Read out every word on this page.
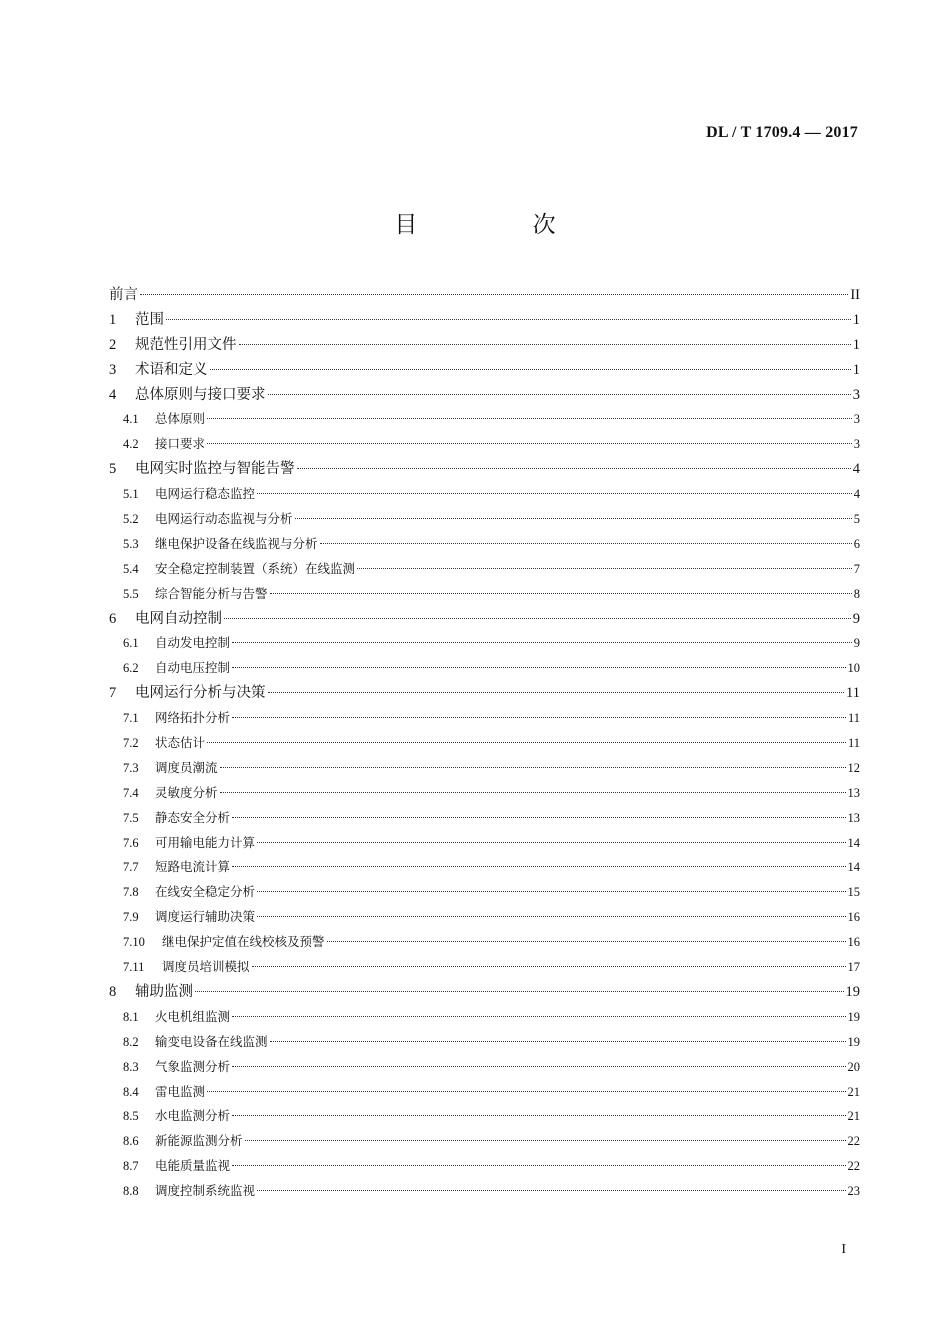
DL / T 1709.4 — 2017
目 次
前言	II
1	范围	1
2	规范性引用文件	1
3	术语和定义	1
4	总体原则与接口要求	3
4.1	总体原则	3
4.2	接口要求	3
5	电网实时监控与智能告警	4
5.1	电网运行稳态监控	4
5.2	电网运行动态监视与分析	5
5.3	继电保护设备在线监视与分析	6
5.4	安全稳定控制装置（系统）在线监测	7
5.5	综合智能分析与告警	8
6	电网自动控制	9
6.1	自动发电控制	9
6.2	自动电压控制	10
7	电网运行分析与决策	11
7.1	网络拓扑分析	11
7.2	状态估计	11
7.3	调度员潮流	12
7.4	灵敏度分析	13
7.5	静态安全分析	13
7.6	可用输电能力计算	14
7.7	短路电流计算	14
7.8	在线安全稳定分析	15
7.9	调度运行辅助决策	16
7.10	继电保护定值在线校核及预警	16
7.11	调度员培训模拟	17
8	辅助监测	19
8.1	火电机组监测	19
8.2	输变电设备在线监测	19
8.3	气象监测分析	20
8.4	雷电监测	21
8.5	水电监测分析	21
8.6	新能源监测分析	22
8.7	电能质量监视	22
8.8	调度控制系统监视	23
I
